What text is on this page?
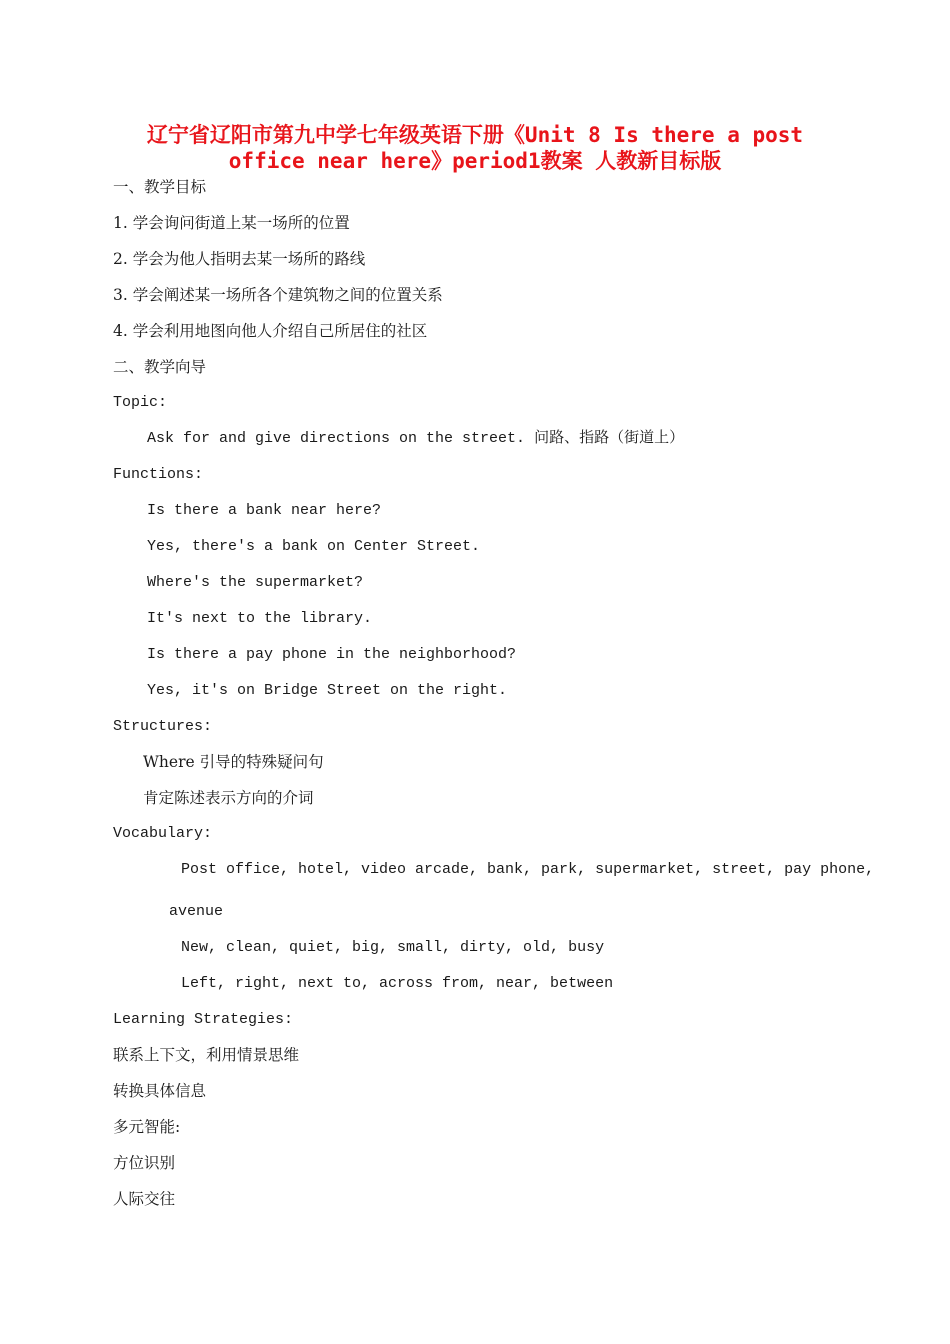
辽宁省辽阳市第九中学七年级英语下册《Unit 8 Is there a post
office near here》period1教案 人教新目标版
一、教学目标
1. 学会询问街道上某一场所的位置
2. 学会为他人指明去某一场所的路线
3. 学会阐述某一场所各个建筑物之间的位置关系
4. 学会利用地图向他人介绍自己所居住的社区
二、教学向导
Topic:
Ask for and give directions on the street. 问路、指路（街道上）
Functions:
Is there a bank near here?
Yes, there's a bank on Center Street.
Where's the supermarket?
It's next to the library.
Is there a pay phone in the neighborhood?
Yes, it's on Bridge Street on the right.
Structures:
Where 引导的特殊疑问句
肯定陈述表示方向的介词
Vocabulary:
Post office, hotel, video arcade, bank, park, supermarket, street, pay phone,
avenue
New, clean, quiet, big, small, dirty, old, busy
Left, right, next to, across from, near, between
Learning Strategies:
联系上下文，利用情景思维
转换具体信息
多元智能:
方位识别
人际交往
